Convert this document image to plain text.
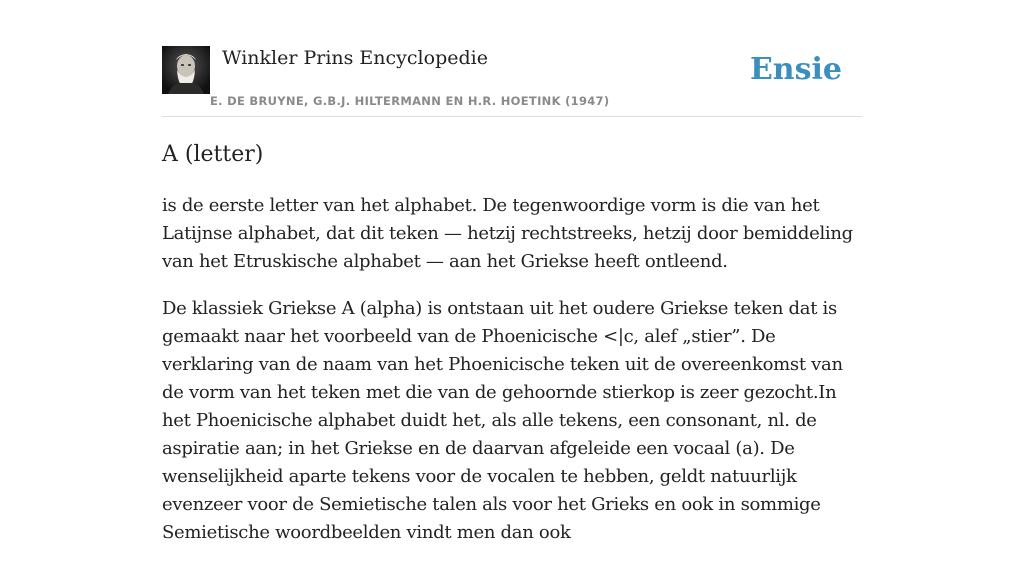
Winkler Prins Encyclopedie
E. DE BRUYNE, G.B.J. HILTERMANN EN H.R. HOETINK (1947)
Ensie
A (letter)

is de eerste letter van het alphabet. De tegenwoordige vorm is die van het Latijnse alphabet, dat dit teken — hetzij rechtstreeks, hetzij door bemiddeling van het Etruskische alphabet — aan het Griekse heeft ontleend.

De klassiek Griekse A (alpha) is ontstaan uit het oudere Griekse teken dat is gemaakt naar het voorbeeld van de Phoenicische <|c, alef „stier”. De verklaring van de naam van het Phoenicische teken uit de overeenkomst van de vorm van het teken met die van de gehoornde stierkop is zeer gezocht.In het Phoenicische alphabet duidt het, als alle tekens, een consonant, nl. de aspiratie aan; in het Griekse en de daarvan afgeleide een vocaal (a). De wenselijkheid aparte tekens voor de vocalen te hebben, geldt natuurlijk evenzeer voor de Semietische talen als voor het Grieks en ook in sommige Semietische woordbeelden vindt men dan ook
